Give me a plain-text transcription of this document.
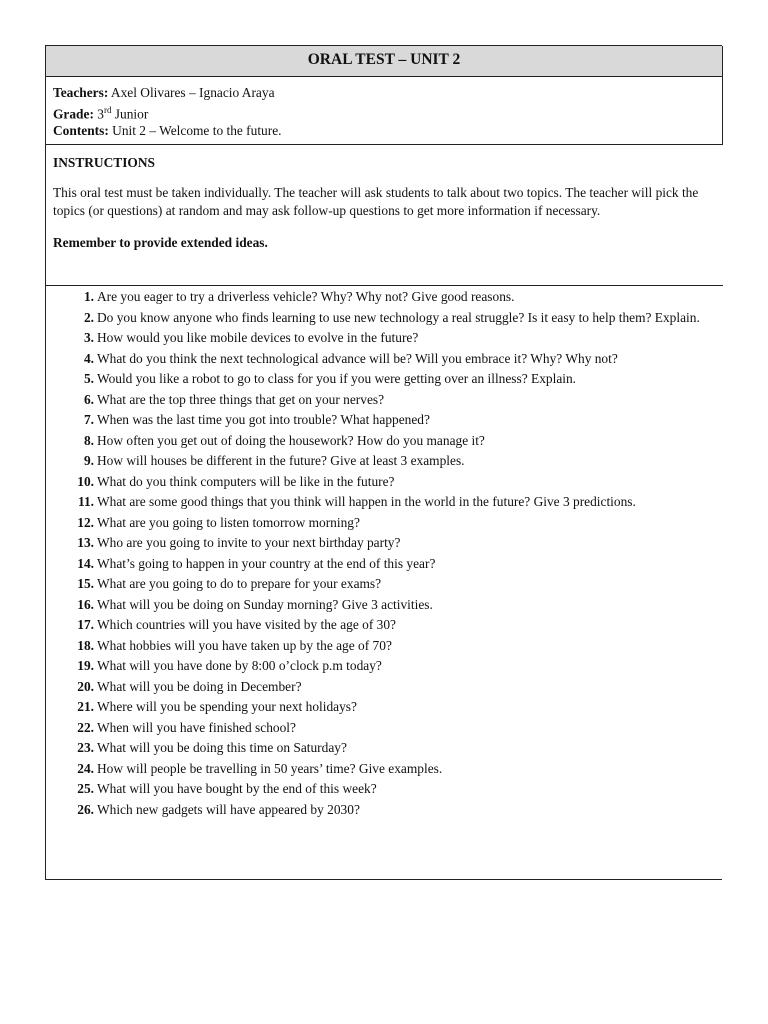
ORAL TEST – UNIT 2
Teachers: Axel Olivares – Ignacio Araya
Grade: 3rd Junior
Contents: Unit 2 – Welcome to the future.
INSTRUCTIONS
This oral test must be taken individually. The teacher will ask students to talk about two topics. The teacher will pick the topics (or questions) at random and may ask follow-up questions to get more information if necessary.
Remember to provide extended ideas.
1. Are you eager to try a driverless vehicle? Why? Why not? Give good reasons.
2. Do you know anyone who finds learning to use new technology a real struggle? Is it easy to help them? Explain.
3. How would you like mobile devices to evolve in the future?
4. What do you think the next technological advance will be? Will you embrace it? Why? Why not?
5. Would you like a robot to go to class for you if you were getting over an illness? Explain.
6. What are the top three things that get on your nerves?
7. When was the last time you got into trouble? What happened?
8. How often you get out of doing the housework? How do you manage it?
9. How will houses be different in the future? Give at least 3 examples.
10. What do you think computers will be like in the future?
11. What are some good things that you think will happen in the world in the future? Give 3 predictions.
12. What are you going to listen tomorrow morning?
13. Who are you going to invite to your next birthday party?
14. What’s going to happen in your country at the end of this year?
15. What are you going to do to prepare for your exams?
16. What will you be doing on Sunday morning? Give 3 activities.
17. Which countries will you have visited by the age of 30?
18. What hobbies will you have taken up by the age of 70?
19. What will you have done by 8:00 o’clock p.m today?
20. What will you be doing in December?
21. Where will you be spending your next holidays?
22. When will you have finished school?
23. What will you be doing this time on Saturday?
24. How will people be travelling in 50 years’ time? Give examples.
25. What will you have bought by the end of this week?
26. Which new gadgets will have appeared by 2030?
